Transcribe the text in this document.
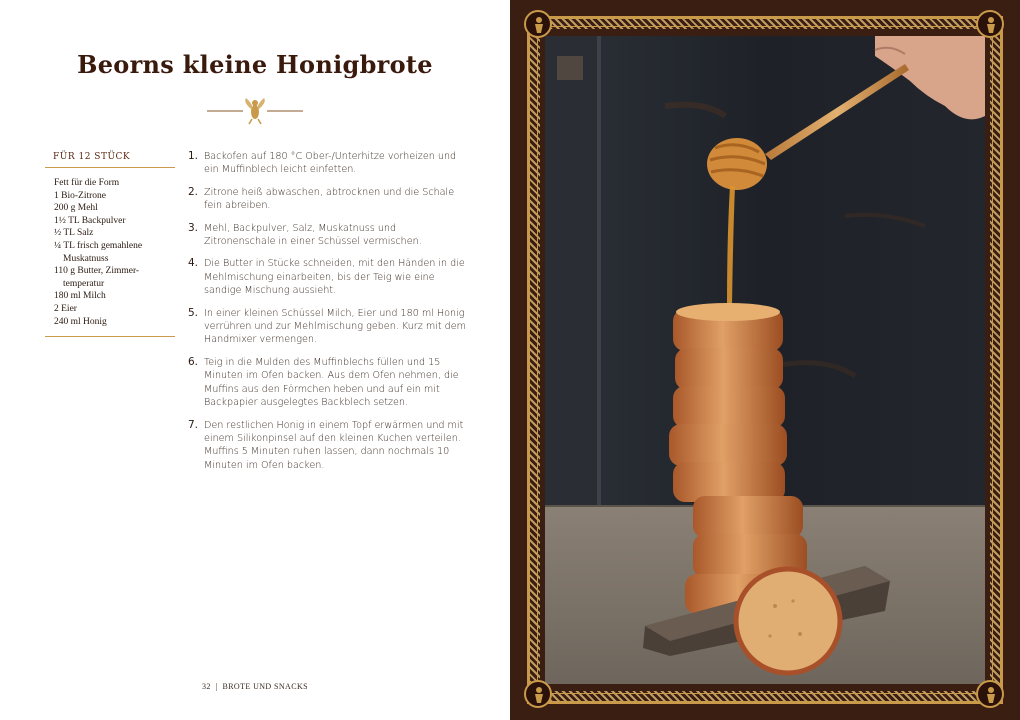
Beorns kleine Honigbrote
FÜR 12 STÜCK
Fett für die Form
1 Bio-Zitrone
200 g Mehl
1½ TL Backpulver
½ TL Salz
¼ TL frisch gemahlene Muskatnuss
110 g Butter, Zimmer-temperatur
180 ml Milch
2 Eier
240 ml Honig
1. Backofen auf 180 °C Ober-/Unterhitze vorheizen und ein Muffinblech leicht einfetten.
2. Zitrone heiß abwaschen, abtrocknen und die Schale fein abreiben.
3. Mehl, Backpulver, Salz, Muskatnuss und Zitronenschale in einer Schüssel vermischen.
4. Die Butter in Stücke schneiden, mit den Händen in die Mehlmischung einarbeiten, bis der Teig wie eine sandige Mischung aussieht.
5. In einer kleinen Schüssel Milch, Eier und 180 ml Honig verrühren und zur Mehlmischung geben. Kurz mit dem Handmixer vermengen.
6. Teig in die Mulden des Muffinblechs füllen und 15 Minuten im Ofen backen. Aus dem Ofen nehmen, die Muffins aus den Förmchen heben und auf ein mit Backpapier ausgelegtes Backblech setzen.
7. Den restlichen Honig in einem Topf erwärmen und mit einem Silikonpinsel auf den kleinen Kuchen verteilen. Muffins 5 Minuten ruhen lassen, dann nochmals 10 Minuten im Ofen backen.
32 | BROTE UND SNACKS
